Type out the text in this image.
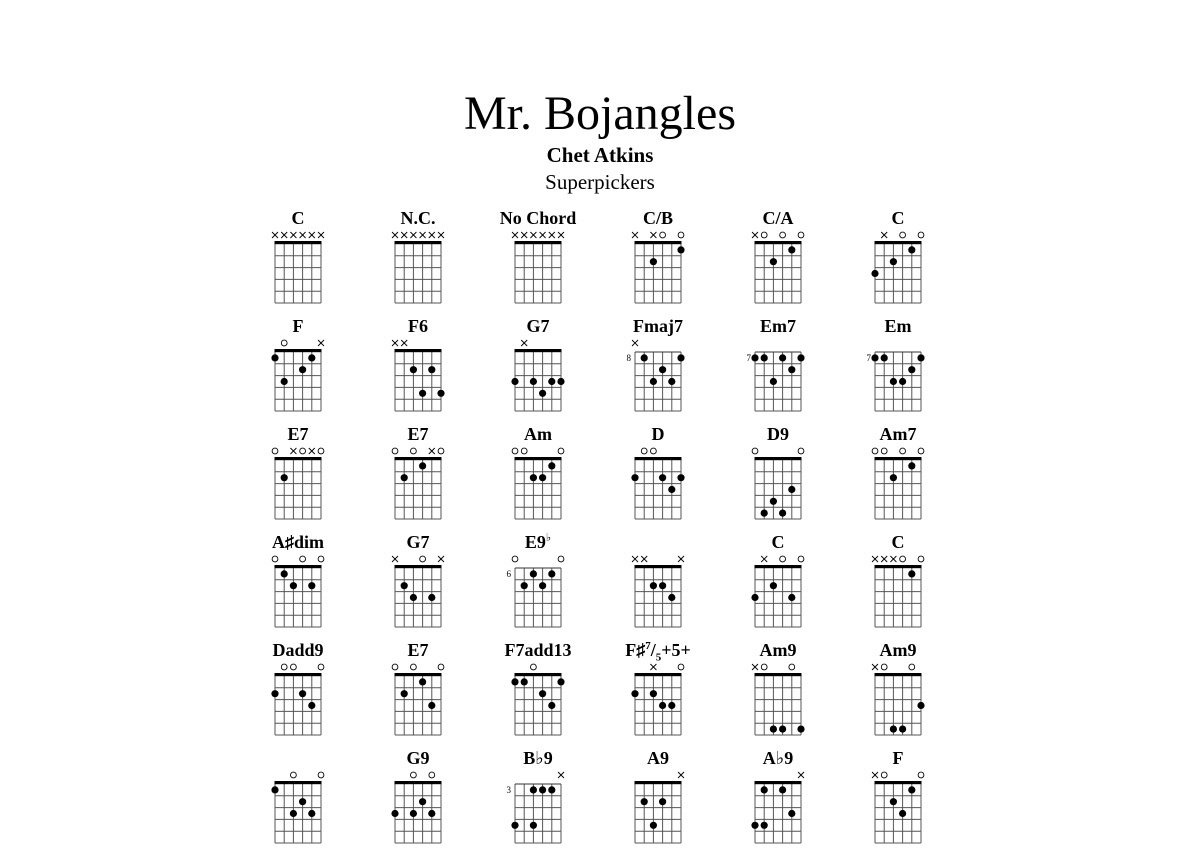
Mr. Bojangles
Chet Atkins
Superpickers
C	N.C.	No Chord	C/B	C/A	C
F	F6	G7	Fmaj7
8
Em7
7
Em
7
E7	E7	Am	D	D9	Am7
A♯dim	G7	E9♭
6
C	C
Dadd9	E7	F7add13	$F♯^7/_5+5+$	Am9	Am9
G9	B♭9
3
A9	A♭9	F
